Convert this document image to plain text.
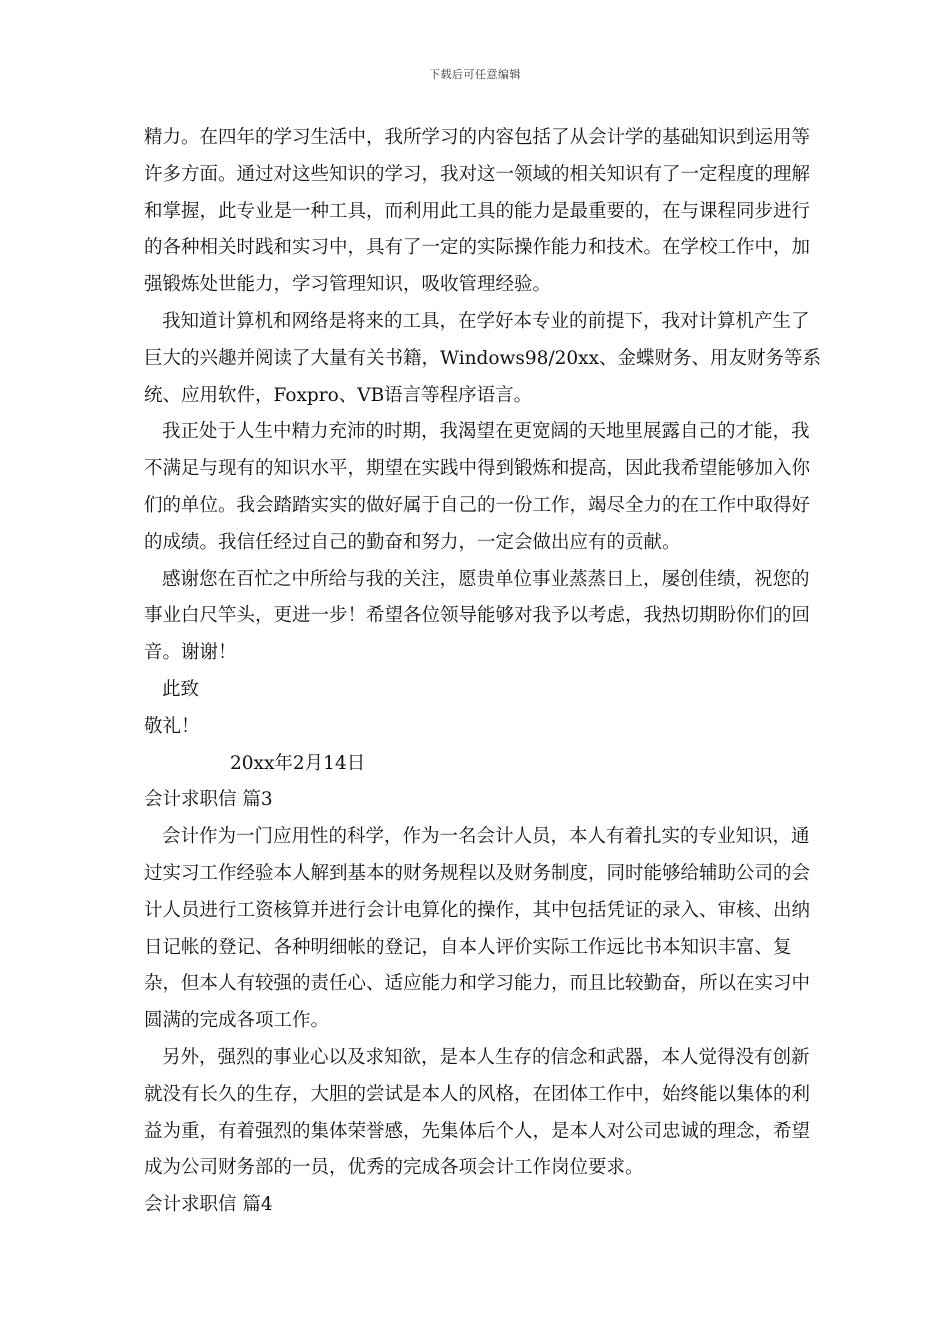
下载后可任意编辑

精力。在四年的学习生活中，我所学习的内容包括了从会计学的基础知识到运用等许多方面。通过对这些知识的学习，我对这一领域的相关知识有了一定程度的理解和掌握，此专业是一种工具，而利用此工具的能力是最重要的，在与课程同步进行的各种相关时践和实习中，具有了一定的实际操作能力和技术。在学校工作中，加强锻炼处世能力，学习管理知识，吸收管理经验。

我知道计算机和网络是将来的工具，在学好本专业的前提下，我对计算机产生了巨大的兴趣并阅读了大量有关书籍，Windows98/20xx、金蝶财务、用友财务等系统、应用软件，Foxpro、VB语言等程序语言。

我正处于人生中精力充沛的时期，我渴望在更宽阔的天地里展露自己的才能，我不满足与现有的知识水平，期望在实践中得到锻炼和提高，因此我希望能够加入你们的单位。我会踏踏实实的做好属于自己的一份工作，竭尽全力的在工作中取得好的成绩。我信任经过自己的勤奋和努力，一定会做出应有的贡献。

感谢您在百忙之中所给与我的关注，愿贵单位事业蒸蒸日上，屡创佳绩，祝您的事业白尺竿头，更进一步！希望各位领导能够对我予以考虑，我热切期盼你们的回音。谢谢！

此致

敬礼！

20xx年2月14日

会计求职信 篇3

会计作为一门应用性的科学，作为一名会计人员，本人有着扎实的专业知识，通过实习工作经验本人解到基本的财务规程以及财务制度，同时能够给辅助公司的会计人员进行工资核算并进行会计电算化的操作，其中包括凭证的录入、审核、出纳日记帐的登记、各种明细帐的登记，自本人评价实际工作远比书本知识丰富、复杂，但本人有较强的责任心、适应能力和学习能力，而且比较勤奋，所以在实习中圆满的完成各项工作。

另外，强烈的事业心以及求知欲，是本人生存的信念和武器，本人觉得没有创新就没有长久的生存，大胆的尝试是本人的风格，在团体工作中，始终能以集体的利益为重，有着强烈的集体荣誉感，先集体后个人，是本人对公司忠诚的理念，希望成为公司财务部的一员，优秀的完成各项会计工作岗位要求。

会计求职信 篇4
